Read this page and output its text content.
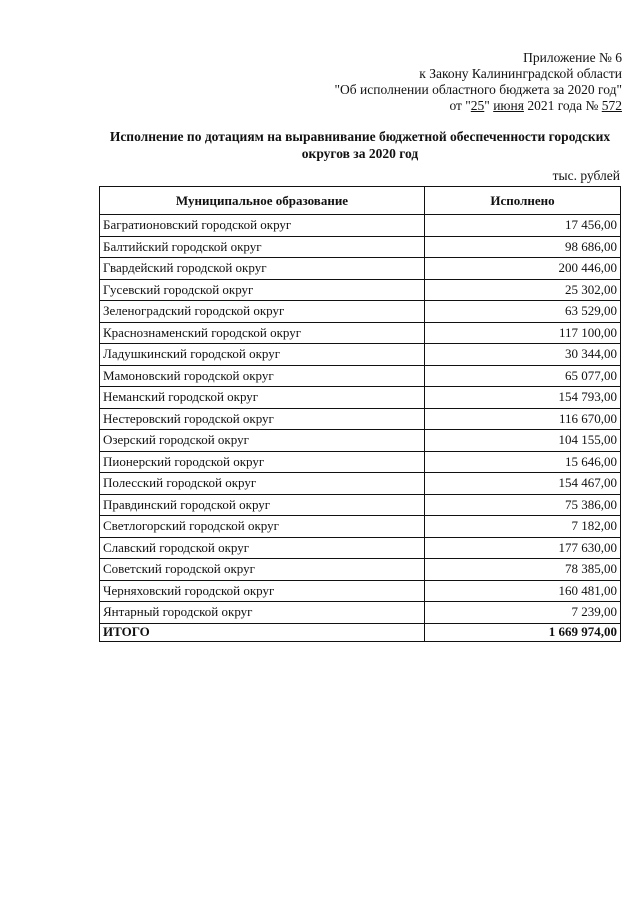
Приложение № 6
к Закону Калининградской области
"Об исполнении областного бюджета за 2020 год"
от "25" июня 2021 года № 572
Исполнение по дотациям на выравнивание бюджетной обеспеченности городских округов за 2020 год
тыс. рублей
Муниципальное образование	Исполнено
Багратионовский городской округ	17 456,00
Балтийский городской округ	98 686,00
Гвардейский городской округ	200 446,00
Гусевский городской округ	25 302,00
Зеленоградский городской округ	63 529,00
Краснознаменский городской округ	117 100,00
Ладушкинский городской округ	30 344,00
Мамоновский городской округ	65 077,00
Неманский городской округ	154 793,00
Нестеровский городской округ	116 670,00
Озерский городской округ	104 155,00
Пионерский городской округ	15 646,00
Полесский городской округ	154 467,00
Правдинский городской округ	75 386,00
Светлогорский городской округ	7 182,00
Славский городской округ	177 630,00
Советский городской округ	78 385,00
Черняховский городской округ	160 481,00
Янтарный городской округ	7 239,00
ИТОГО	1 669 974,00
